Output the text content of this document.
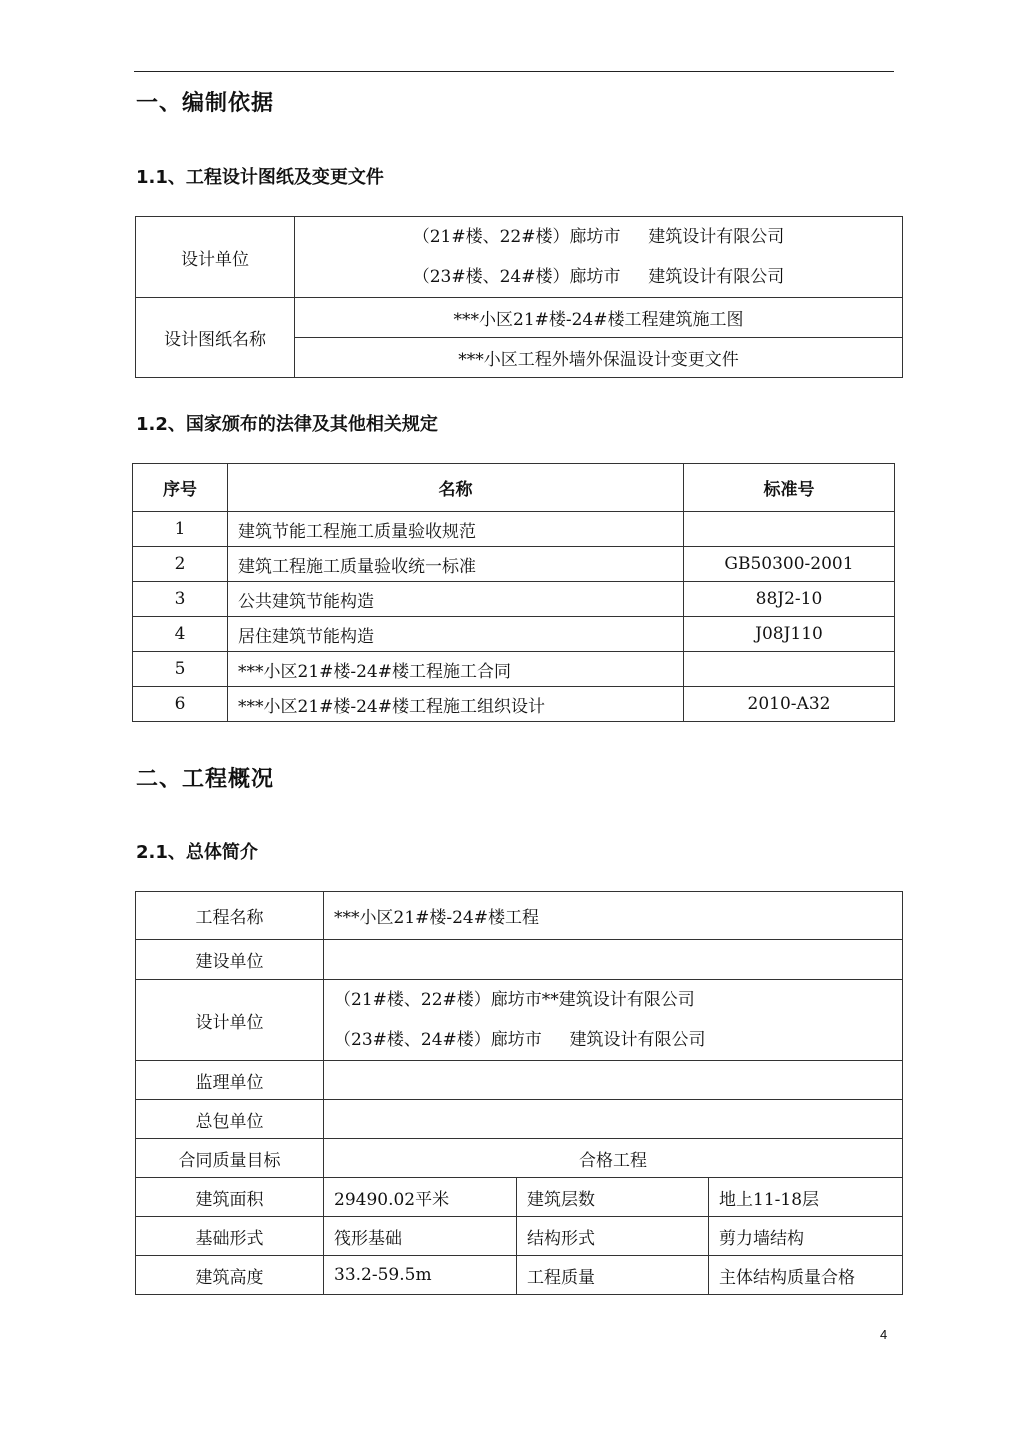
一、编制依据
1.1、工程设计图纸及变更文件
设计单位	（21#楼、22#楼）廊坊市 　 建筑设计有限公司
（23#楼、24#楼）廊坊市 　 建筑设计有限公司

设计图纸名称	***小区21#楼-24#楼工程建筑施工图
	***小区工程外墙外保温设计变更文件
1.2、国家颁布的法律及其他相关规定
序号	名称	标准号
1	建筑节能工程施工质量验收规范	
2	建筑工程施工质量验收统一标准	GB50300-2001
3	公共建筑节能构造	88J2-10
4	居住建筑节能构造	J08J110
5	***小区21#楼-24#楼工程施工合同	
6	***小区21#楼-24#楼工程施工组织设计	2010-A32
二、工程概况
2.1、总体简介
工程名称	***小区21#楼-24#楼工程		
建设单位			
设计单位	（21#楼、22#楼）廊坊市**建筑设计有限公司
（23#楼、24#楼）廊坊市 　 建筑设计有限公司		

监理单位			
总包单位			
合同质量目标	合格工程		
建筑面积	29490.02平米	建筑层数	地上11-18层
基础形式	筏形基础	结构形式	剪力墙结构
建筑高度	33.2-59.5m	工程质量	主体结构质量合格
4
